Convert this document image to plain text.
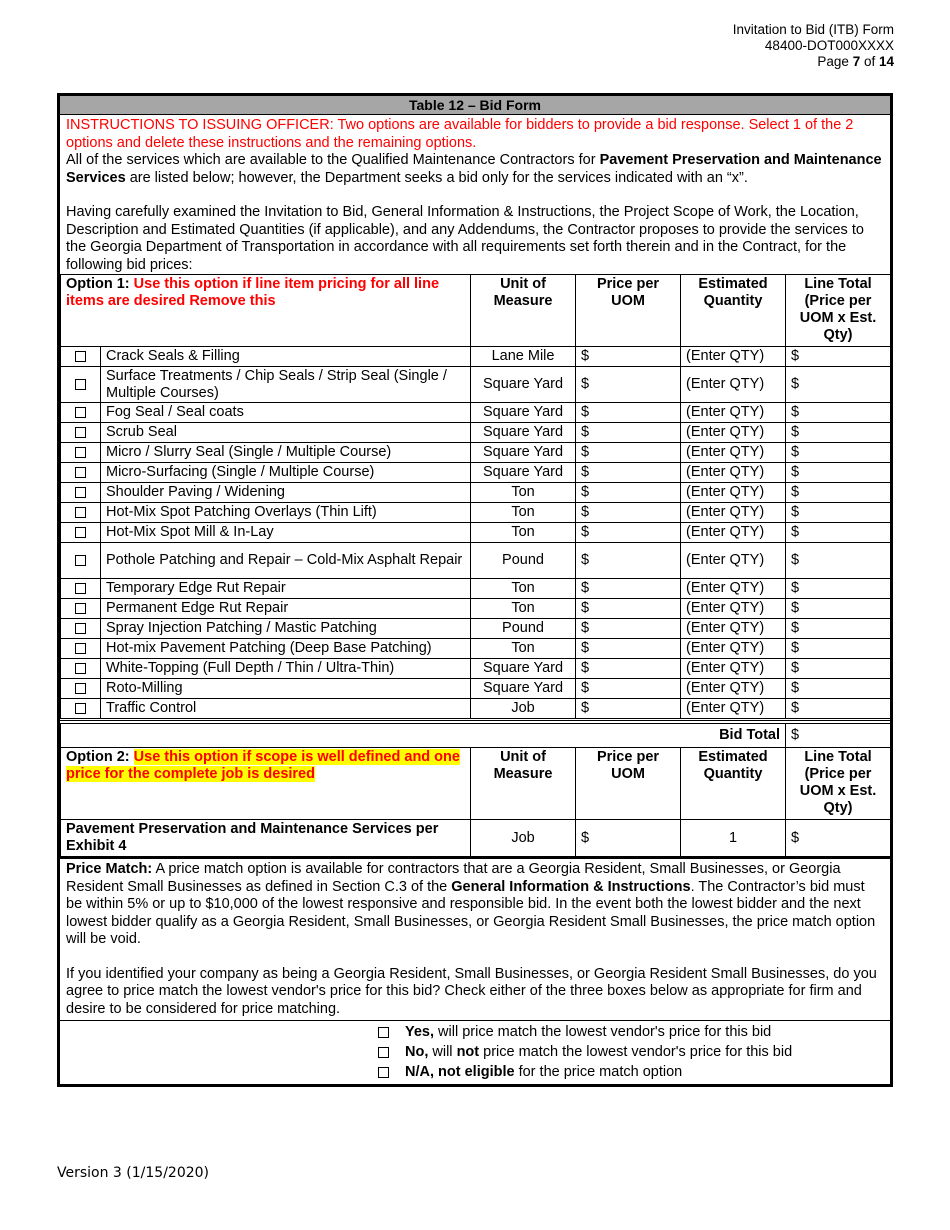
Invitation to Bid (ITB) Form
48400-DOT000XXXX
Page 7 of 14
Table 12 – Bid Form
INSTRUCTIONS TO ISSUING OFFICER: Two options are available for bidders to provide a bid response. Select 1 of the 2 options and delete these instructions and the remaining options.
All of the services which are available to the Qualified Maintenance Contractors for Pavement Preservation and Maintenance Services are listed below; however, the Department seeks a bid only for the services indicated with an “x”.
Having carefully examined the Invitation to Bid, General Information & Instructions, the Project Scope of Work, the Location, Description and Estimated Quantities (if applicable), and any Addendums, the Contractor proposes to provide the services to the Georgia Department of Transportation in accordance with all requirements set forth therein and in the Contract, for the following bid prices:
Option 1: Use this option if line item pricing for all line items are desired Remove this		Unit of Measure	Price per UOM	Estimated Quantity	Line Total (Price per UOM x Est. Qty)
	Crack Seals & Filling	Lane Mile	$	(Enter QTY)	$
	Surface Treatments / Chip Seals / Strip Seal (Single / Multiple Courses)	Square Yard	$	(Enter QTY)	$
	Fog Seal / Seal coats	Square Yard	$	(Enter QTY)	$
	Scrub Seal	Square Yard	$	(Enter QTY)	$
	Micro / Slurry Seal (Single / Multiple Course)	Square Yard	$	(Enter QTY)	$
	Micro-Surfacing (Single / Multiple Course)	Square Yard	$	(Enter QTY)	$
	Shoulder Paving / Widening	Ton	$	(Enter QTY)	$
	Hot-Mix Spot Patching Overlays (Thin Lift)	Ton	$	(Enter QTY)	$
	Hot-Mix Spot Mill & In-Lay	Ton	$	(Enter QTY)	$
	Pothole Patching and Repair – Cold-Mix Asphalt Repair	Pound	$	(Enter QTY)	$
	Temporary Edge Rut Repair	Ton	$	(Enter QTY)	$
	Permanent Edge Rut Repair	Ton	$	(Enter QTY)	$
	Spray Injection Patching / Mastic Patching	Pound	$	(Enter QTY)	$
	Hot-mix Pavement Patching (Deep Base Patching)	Ton	$	(Enter QTY)	$
	White-Topping (Full Depth / Thin / Ultra-Thin)	Square Yard	$	(Enter QTY)	$
	Roto-Milling	Square Yard	$	(Enter QTY)	$
	Traffic Control	Job	$	(Enter QTY)	$

Bid Total					$
Option 2: Use this option if scope is well defined and one price for the complete job is desired		Unit of Measure	Price per UOM	Estimated Quantity	Line Total (Price per UOM x Est. Qty)
Pavement Preservation and Maintenance Services per Exhibit 4		Job	$	1	$
Price Match: A price match option is available for contractors that are a Georgia Resident, Small Businesses, or Georgia Resident Small Businesses as defined in Section C.3 of the General Information & Instructions. The Contractor’s bid must be within 5% or up to $10,000 of the lowest responsive and responsible bid. In the event both the lowest bidder and the next lowest bidder qualify as a Georgia Resident, Small Businesses, or Georgia Resident Small Businesses, the price match option will be void.
If you identified your company as being a Georgia Resident, Small Businesses, or Georgia Resident Small Businesses, do you agree to price match the lowest vendor's price for this bid? Check either of the three boxes below as appropriate for firm and desire to be considered for price matching.
Yes, will price match the lowest vendor's price for this bid
No, will not price match the lowest vendor's price for this bid
N/A, not eligible for the price match option
Version 3 (1/15/2020)
